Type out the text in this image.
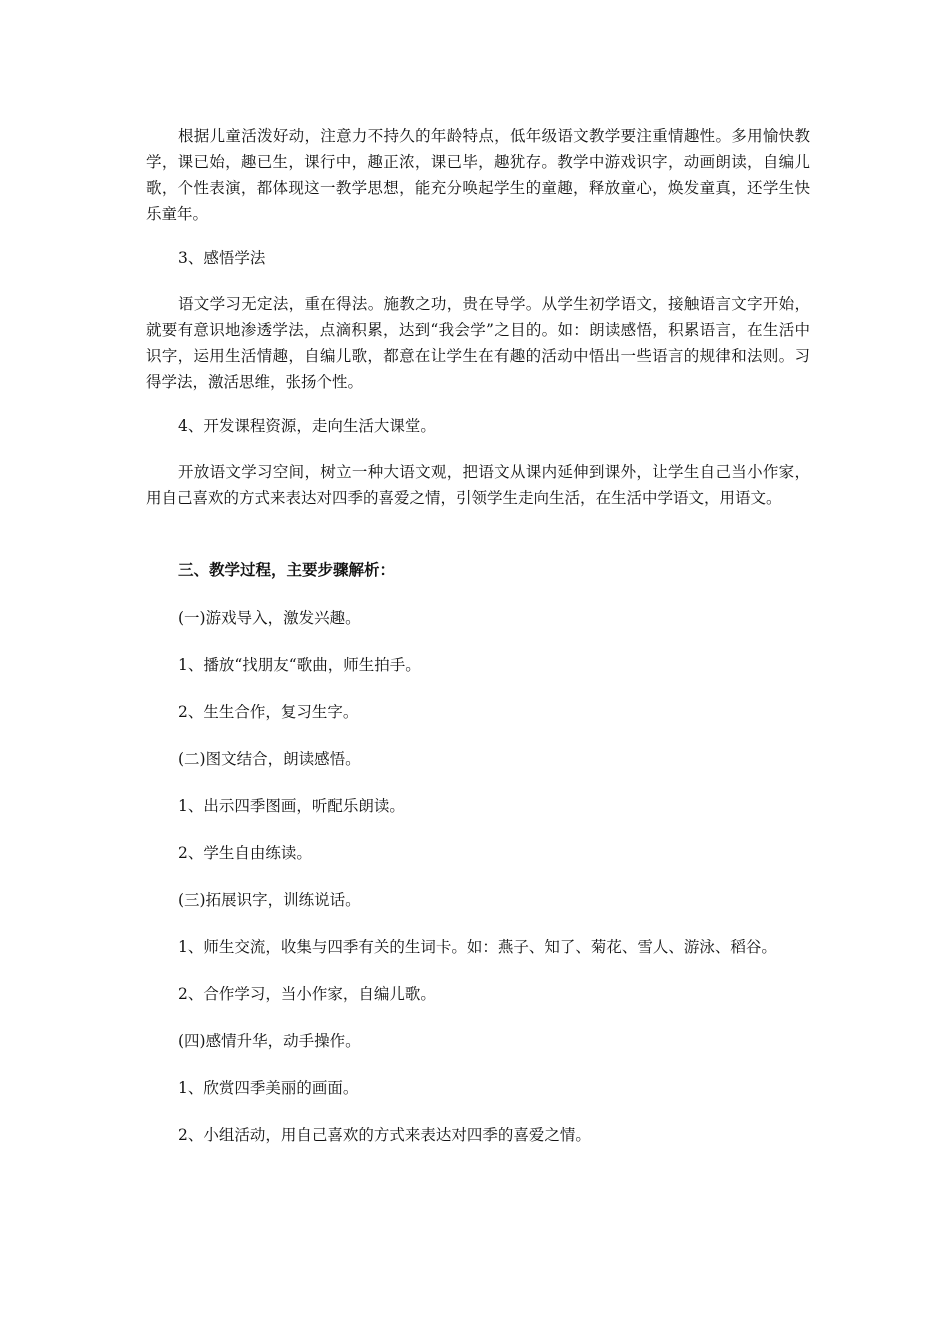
根据儿童活泼好动，注意力不持久的年龄特点，低年级语文教学要注重情趣性。多用愉快教学，课已始，趣已生，课行中，趣正浓，课已毕，趣犹存。教学中游戏识字，动画朗读，自编儿歌，个性表演，都体现这一教学思想，能充分唤起学生的童趣，释放童心，焕发童真，还学生快乐童年。

3、感悟学法

语文学习无定法，重在得法。施教之功，贵在导学。从学生初学语文，接触语言文字开始，就要有意识地渗透学法，点滴积累，达到“我会学”之目的。如：朗读感悟，积累语言，在生活中识字，运用生活情趣，自编儿歌，都意在让学生在有趣的活动中悟出一些语言的规律和法则。习得学法，激活思维，张扬个性。

4、开发课程资源，走向生活大课堂。

开放语文学习空间，树立一种大语文观，把语文从课内延伸到课外，让学生自己当小作家，用自己喜欢的方式来表达对四季的喜爱之情，引领学生走向生活，在生活中学语文，用语文。

三、教学过程，主要步骤解析：

(一)游戏导入，激发兴趣。

1、播放“找朋友“歌曲，师生拍手。

2、生生合作，复习生字。

(二)图文结合，朗读感悟。

1、出示四季图画，听配乐朗读。

2、学生自由练读。

(三)拓展识字，训练说话。

1、师生交流，收集与四季有关的生词卡。如：燕子、知了、菊花、雪人、游泳、稻谷。

2、合作学习，当小作家，自编儿歌。

(四)感情升华，动手操作。

1、欣赏四季美丽的画面。

2、小组活动，用自己喜欢的方式来表达对四季的喜爱之情。
